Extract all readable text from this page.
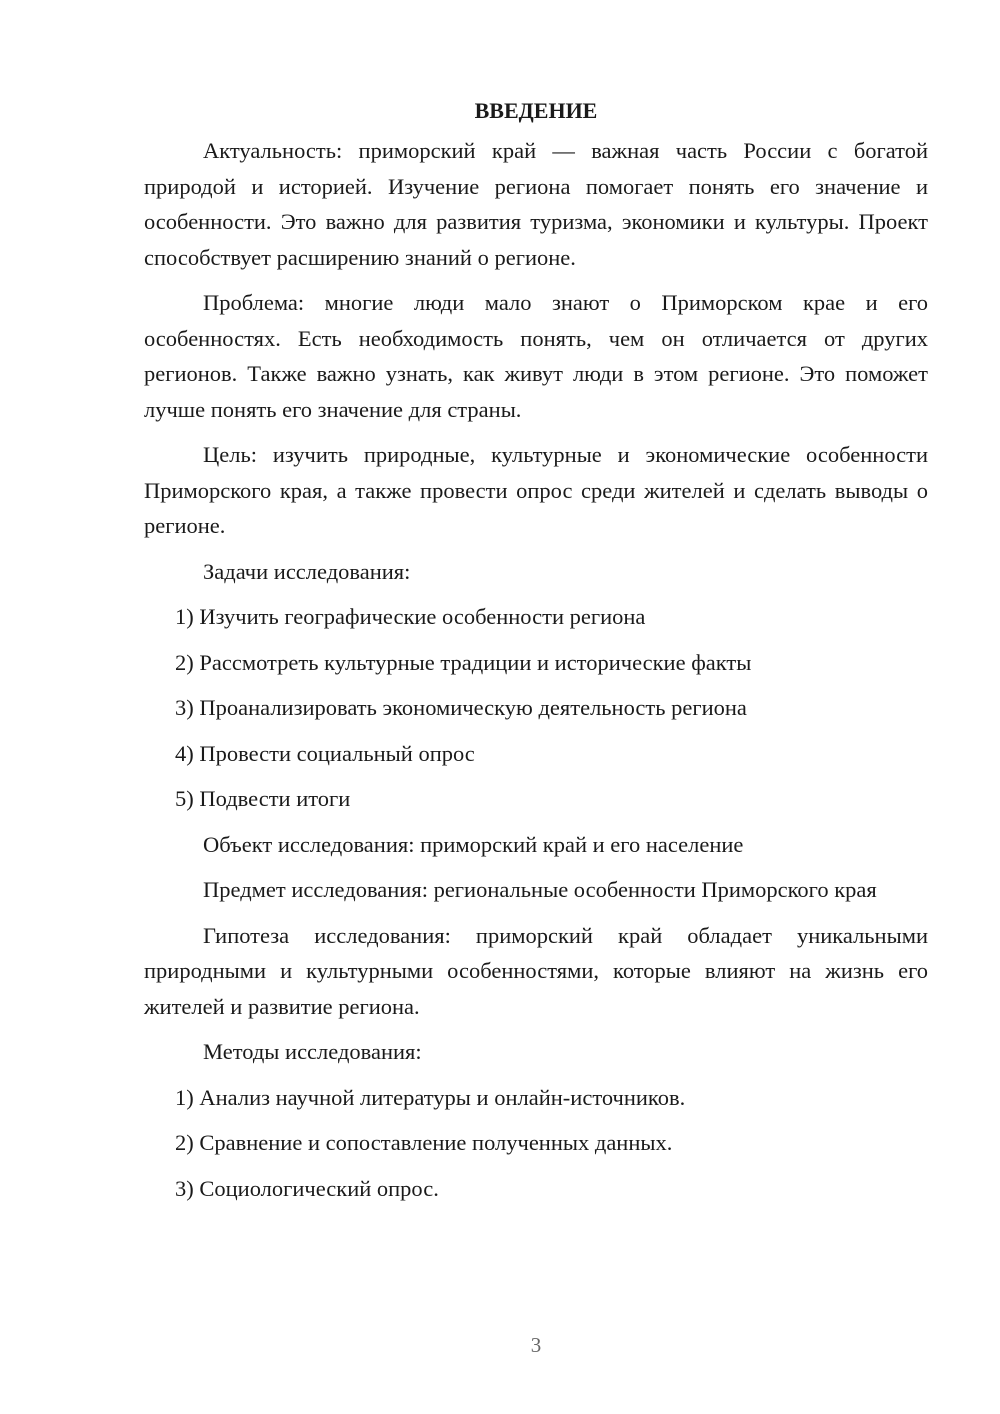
ВВЕДЕНИЕ

Актуальность: приморский край — важная часть России с богатой природой и историей. Изучение региона помогает понять его значение и особенности. Это важно для развития туризма, экономики и культуры. Проект способствует расширению знаний о регионе.

Проблема: многие люди мало знают о Приморском крае и его особенностях. Есть необходимость понять, чем он отличается от других регионов. Также важно узнать, как живут люди в этом регионе. Это поможет лучше понять его значение для страны.

Цель: изучить природные, культурные и экономические особенности Приморского края, а также провести опрос среди жителей и сделать выводы о регионе.

Задачи исследования:
1) Изучить географические особенности региона
2) Рассмотреть культурные традиции и исторические факты
3) Проанализировать экономическую деятельность региона
4) Провести социальный опрос
5) Подвести итоги
Объект исследования: приморский край и его население

Предмет исследования: региональные особенности Приморского края

Гипотеза исследования: приморский край обладает уникальными природными и культурными особенностями, которые влияют на жизнь его жителей и развитие региона.

Методы исследования:
1) Анализ научной литературы и онлайн-источников.
2) Сравнение и сопоставление полученных данных.
3) Социологический опрос.
3
